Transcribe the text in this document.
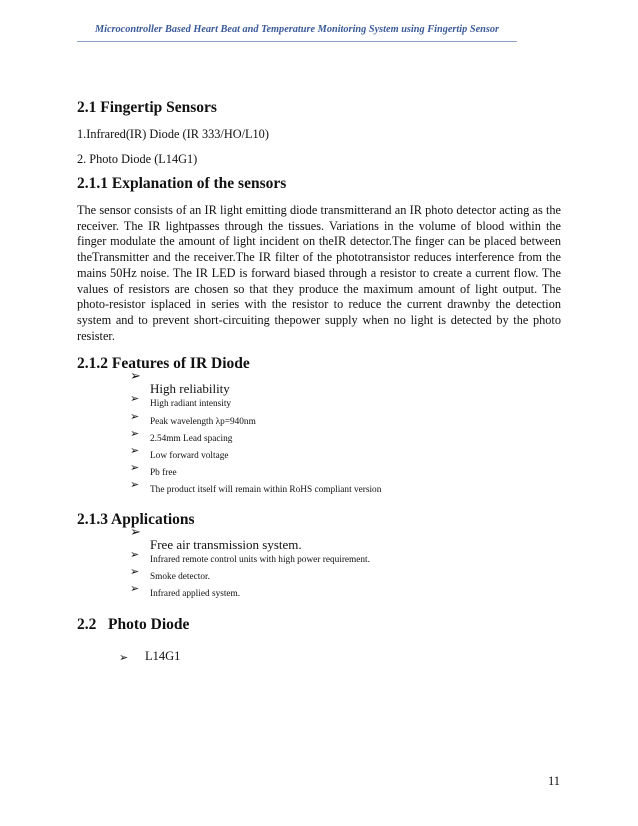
Microcontroller Based Heart Beat and Temperature Monitoring System using Fingertip Sensor
2.1 Fingertip Sensors

1.Infrared(IR) Diode (IR 333/HO/L10)

2. Photo Diode (L14G1)

2.1.1 Explanation of the sensors

The sensor consists of an IR light emitting diode transmitterand an IR photo detector acting as the receiver. The IR lightpasses through the tissues. Variations in the volume of blood within the finger modulate the amount of light incident on theIR detector.The finger can be placed between theTransmitter and the receiver.The IR filter of the phototransistor reduces interference from the mains 50Hz noise. The IR LED is forward biased through a resistor to create a current flow. The values of resistors are chosen so that they produce the maximum amount of light output. The photo-resistor isplaced in series with the resistor to reduce the current drawnby the detection system and to prevent short-circuiting thepower supply when no light is detected by the photo resister.

2.1.2 Features of IR Diode
➢
High reliability
➢ High radiant intensity
➢ Peak wavelength λp=940nm
➢ 2.54mm Lead spacing
➢ Low forward voltage
➢ Pb free
➢ The product itself will remain within RoHS compliant version
2.1.3 Applications
➢
Free air transmission system.
➢ Infrared remote control units with high power requirement.
➢ Smoke detector.
➢ Infrared applied system.
2.2   Photo Diode
➢ L14G1
11
